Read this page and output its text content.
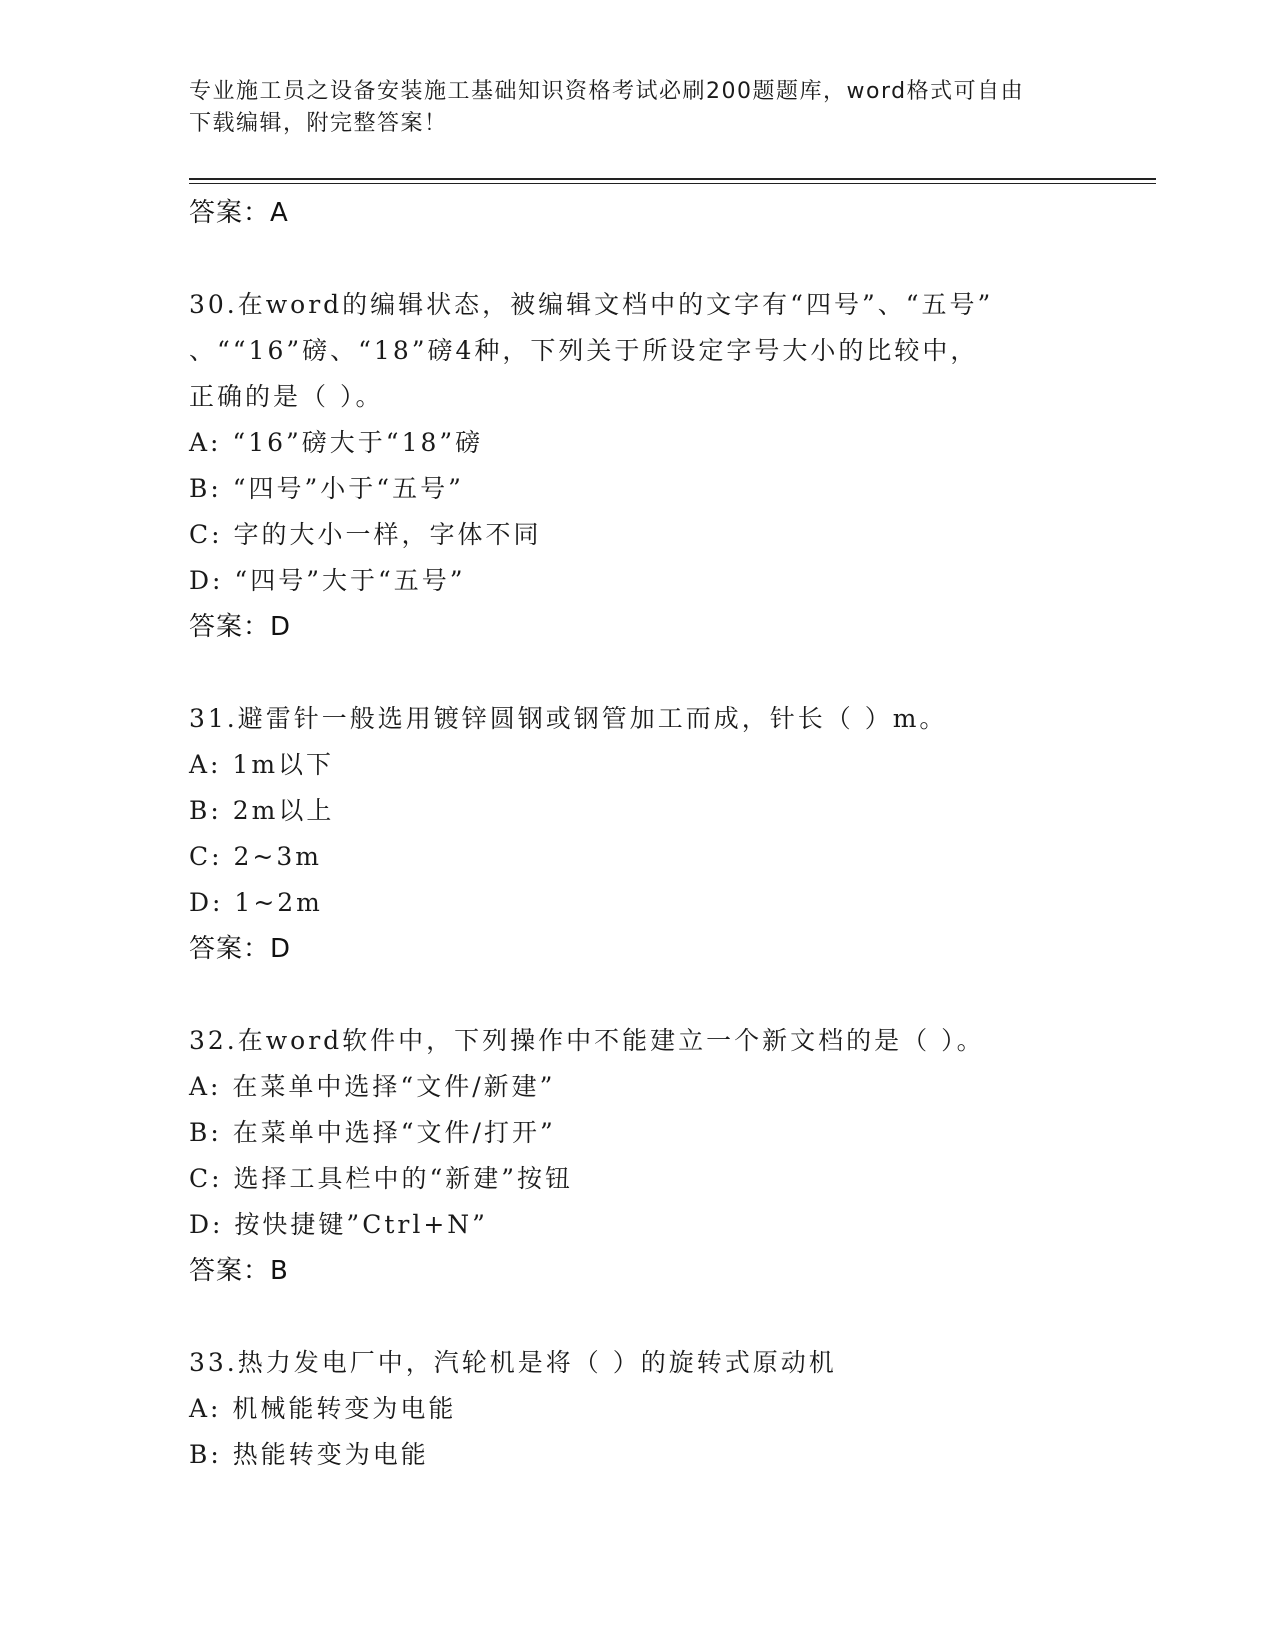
专业施工员之设备安装施工基础知识资格考试必刷200题题库，word格式可自由
下载编辑，附完整答案！
答案：A
30.在word的编辑状态，被编辑文档中的文字有“四号”、“五号”
、““16”磅、“18”磅4种，下列关于所设定字号大小的比较中，
正确的是（ ）。
A: “16”磅大于“18”磅
B: “四号”小于“五号”
C: 字的大小一样，字体不同
D: “四号”大于“五号”
答案：D
31.避雷针一般选用镀锌圆钢或钢管加工而成，针长（ ）m。
A: 1m以下
B: 2m以上
C: 2~3m
D: 1~2m
答案：D
32.在word软件中，下列操作中不能建立一个新文档的是（ ）。
A: 在菜单中选择“文件/新建”
B: 在菜单中选择“文件/打开”
C: 选择工具栏中的“新建”按钮
D: 按快捷键”Ctrl+N”
答案：B
33.热力发电厂中，汽轮机是将（ ）的旋转式原动机
A: 机械能转变为电能
B: 热能转变为电能
